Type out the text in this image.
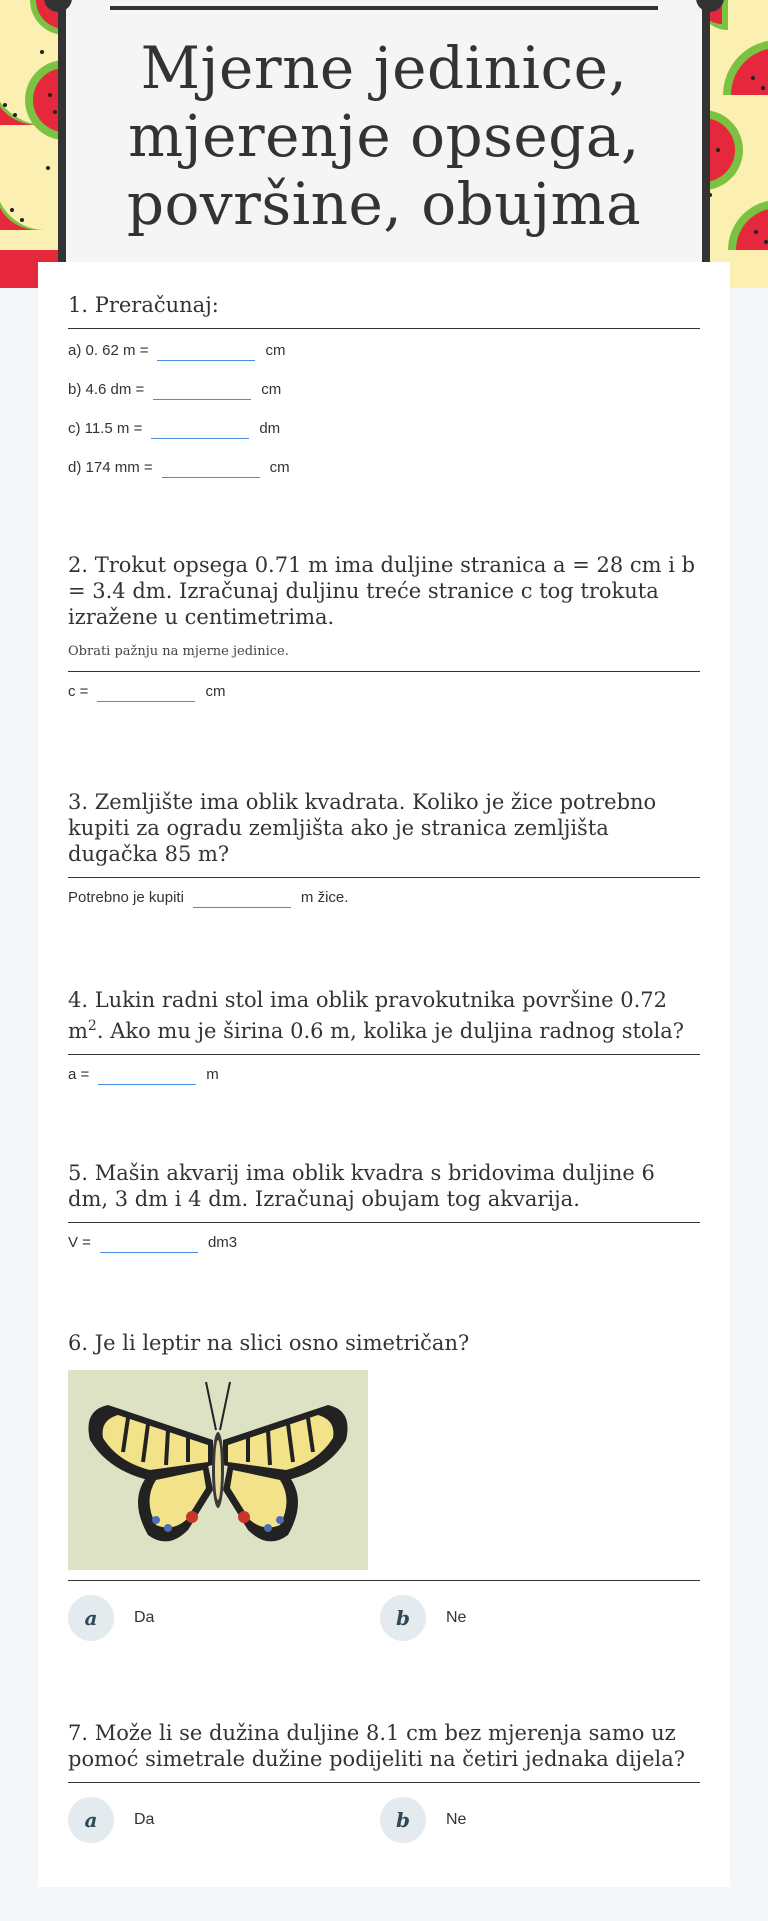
Mjerne jedinice, mjerenje opsega, površine, obujma
1. Preračunaj:
a) 0. 62 m =	cm
b) 4.6 dm =	cm
c) 11.5 m =	dm
d) 174 mm =	cm
2. Trokut opsega 0.71 m ima duljine stranica a = 28 cm i b = 3.4 dm. Izračunaj duljinu treće stranice c tog trokuta izražene u centimetrima.
Obrati pažnju na mjerne jedinice.
c =	cm
3. Zemljište ima oblik kvadrata. Koliko je žice potrebno kupiti za ogradu zemljišta ako je stranica zemljišta dugačka 85 m?
Potrebno je kupiti	m žice.
4. Lukin radni stol ima oblik pravokutnika površine 0.72 $m^2$. Ako mu je širina 0.6 m, kolika je duljina radnog stola?
a =	m
5. Mašin akvarij ima oblik kvadra s bridovima duljine 6 dm, 3 dm i 4 dm. Izračunaj obujam tog akvarija.
V =	dm3
6. Je li leptir na slici osno simetričan?
a	Da	b	Ne
7. Može li se dužina duljine 8.1 cm bez mjerenja samo uz pomoć simetrale dužine podijeliti na četiri jednaka dijela?
a	Da	b	Ne
